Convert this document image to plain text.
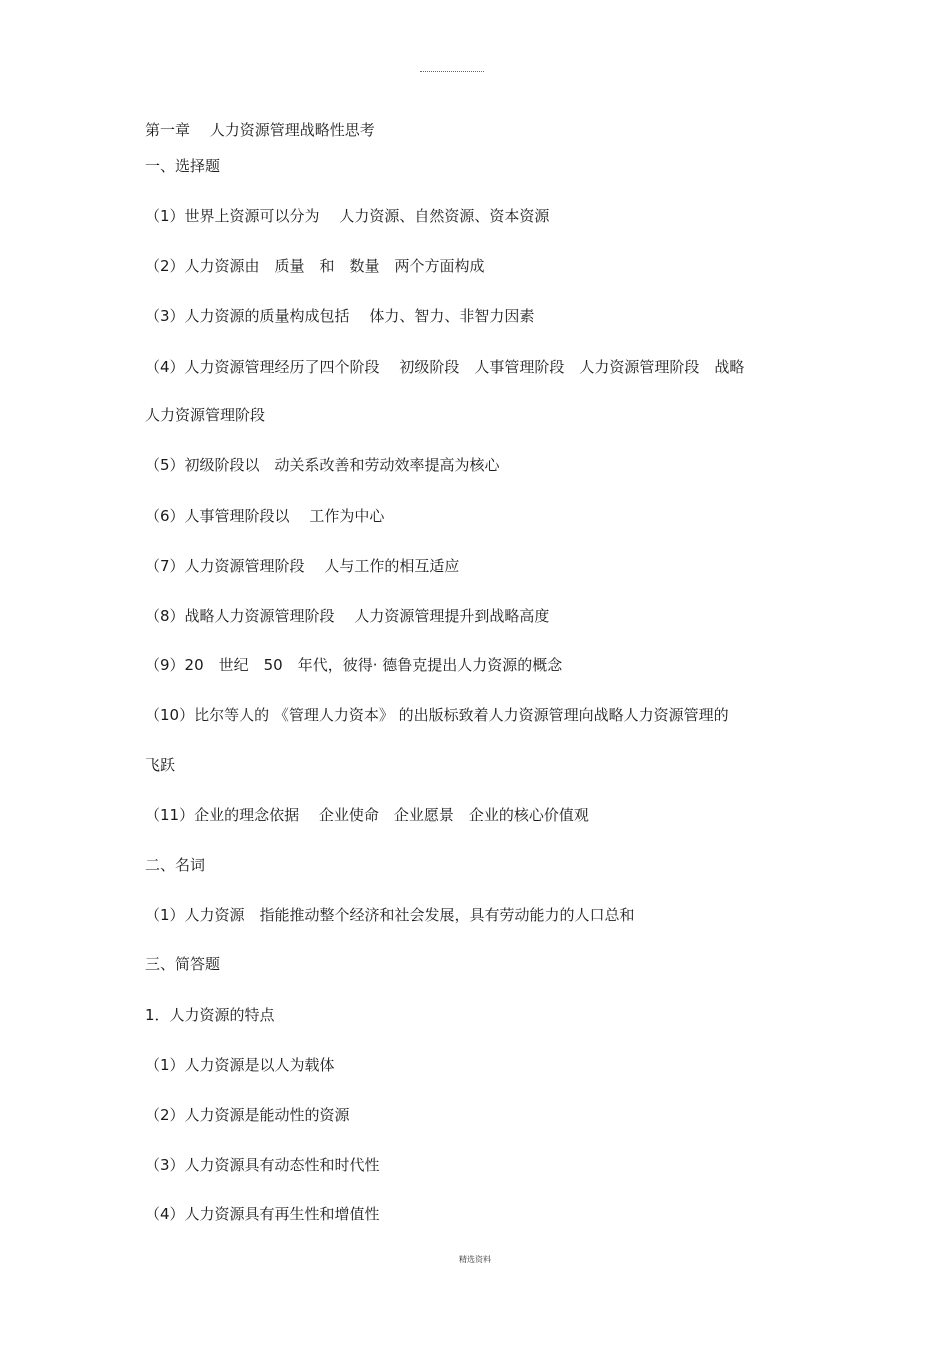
第一章　 人力资源管理战略性思考
一、选择题
（1）世界上资源可以分为　 人力资源、自然资源、资本资源
（2）人力资源由　质量　和　数量　两个方面构成
（3）人力资源的质量构成包括　 体力、智力、非智力因素
（4）人力资源管理经历了四个阶段　 初级阶段　人事管理阶段　人力资源管理阶段　战略
人力资源管理阶段
（5）初级阶段以　动关系改善和劳动效率提高为核心
（6）人事管理阶段以　 工作为中心
（7）人力资源管理阶段　 人与工作的相互适应
（8）战略人力资源管理阶段　 人力资源管理提升到战略高度
（9）20　世纪　50　年代，彼得· 德鲁克提出人力资源的概念
（10）比尔等人的 《管理人力资本》 的出版标致着人力资源管理向战略人力资源管理的
飞跃
（11）企业的理念依据　 企业使命　企业愿景　企业的核心价值观
二、名词
（1）人力资源　指能推动整个经济和社会发展，具有劳动能力的人口总和
三、简答题
1．人力资源的特点
（1）人力资源是以人为载体
（2）人力资源是能动性的资源
（3）人力资源具有动态性和时代性
（4）人力资源具有再生性和增值性
精选资料
